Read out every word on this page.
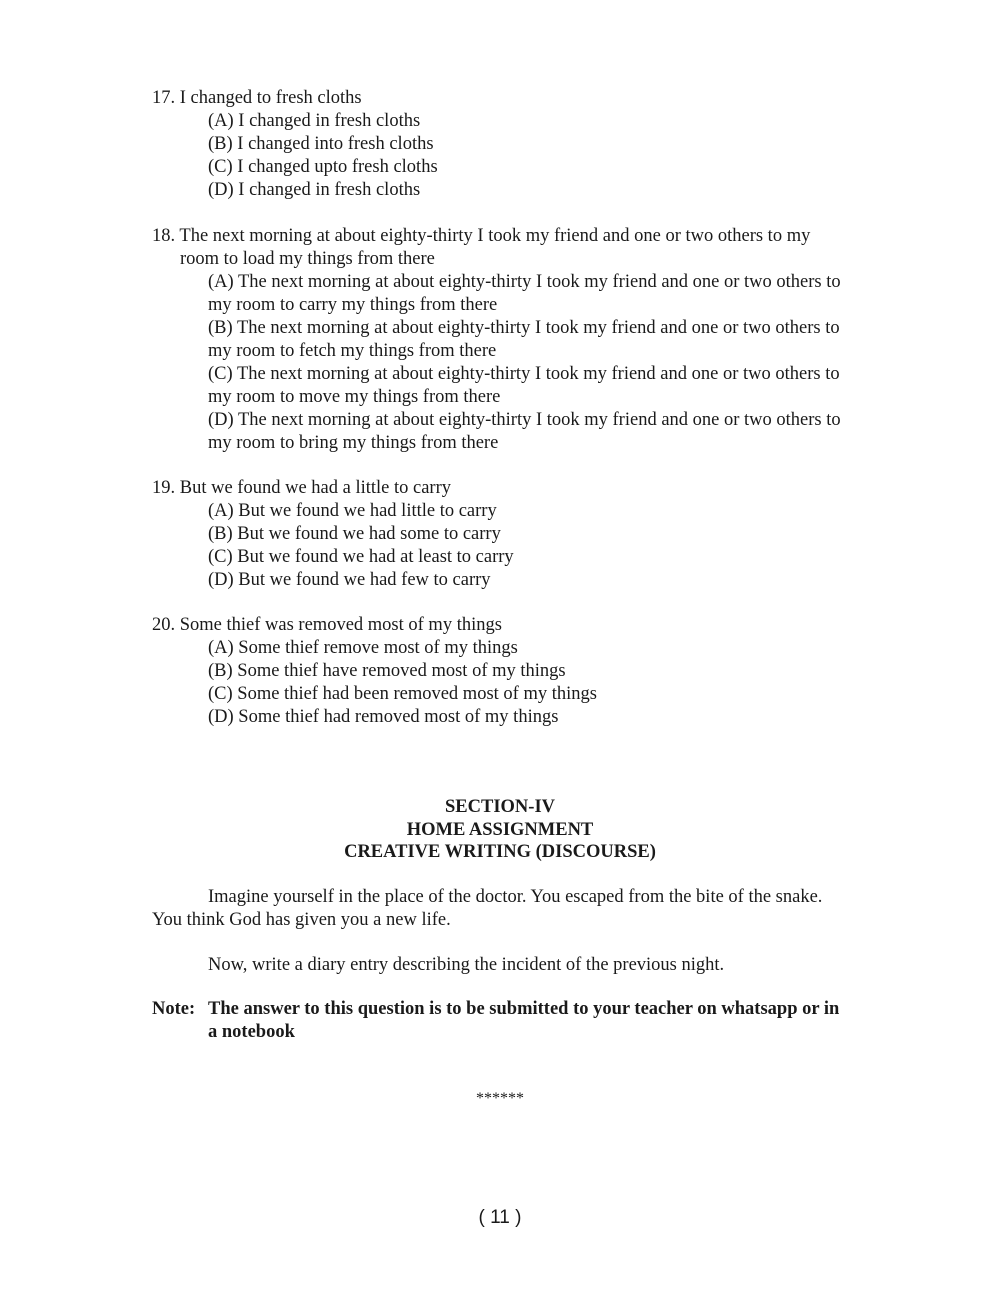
17. I changed to fresh cloths
(A) I changed in fresh cloths
(B) I changed into fresh cloths
(C) I changed upto fresh cloths
(D) I changed in fresh cloths
18. The next morning at about eighty-thirty I took my friend and one or two others to my room to load my things from there
(A) The next morning at about eighty-thirty I took my friend and one or two others to my room to carry my things from there
(B) The next morning at about eighty-thirty I took my friend and one or two others to my room to fetch my things from there
(C) The next morning at about eighty-thirty I took my friend and one or two others to my room to move my things from there
(D) The next morning at about eighty-thirty I took my friend and one or two others to my room to bring my things from there
19. But we found we had a little to carry
(A) But we found we had little to carry
(B) But we found we had some to carry
(C) But we found we had at least to carry
(D) But we found we had few to carry
20. Some thief was removed most of my things
(A) Some thief remove most of my things
(B) Some thief have removed most of my things
(C) Some thief had been removed most of my things
(D) Some thief had removed most of my things
SECTION-IV
HOME ASSIGNMENT
CREATIVE WRITING (DISCOURSE)
Imagine yourself in the place of the doctor. You escaped from the bite of the snake. You think God has given you a new life.
Now, write a diary entry describing the incident of the previous night.
Note: The answer to this question is to be submitted to your teacher on whatsapp or in a notebook
******
( 11 )
